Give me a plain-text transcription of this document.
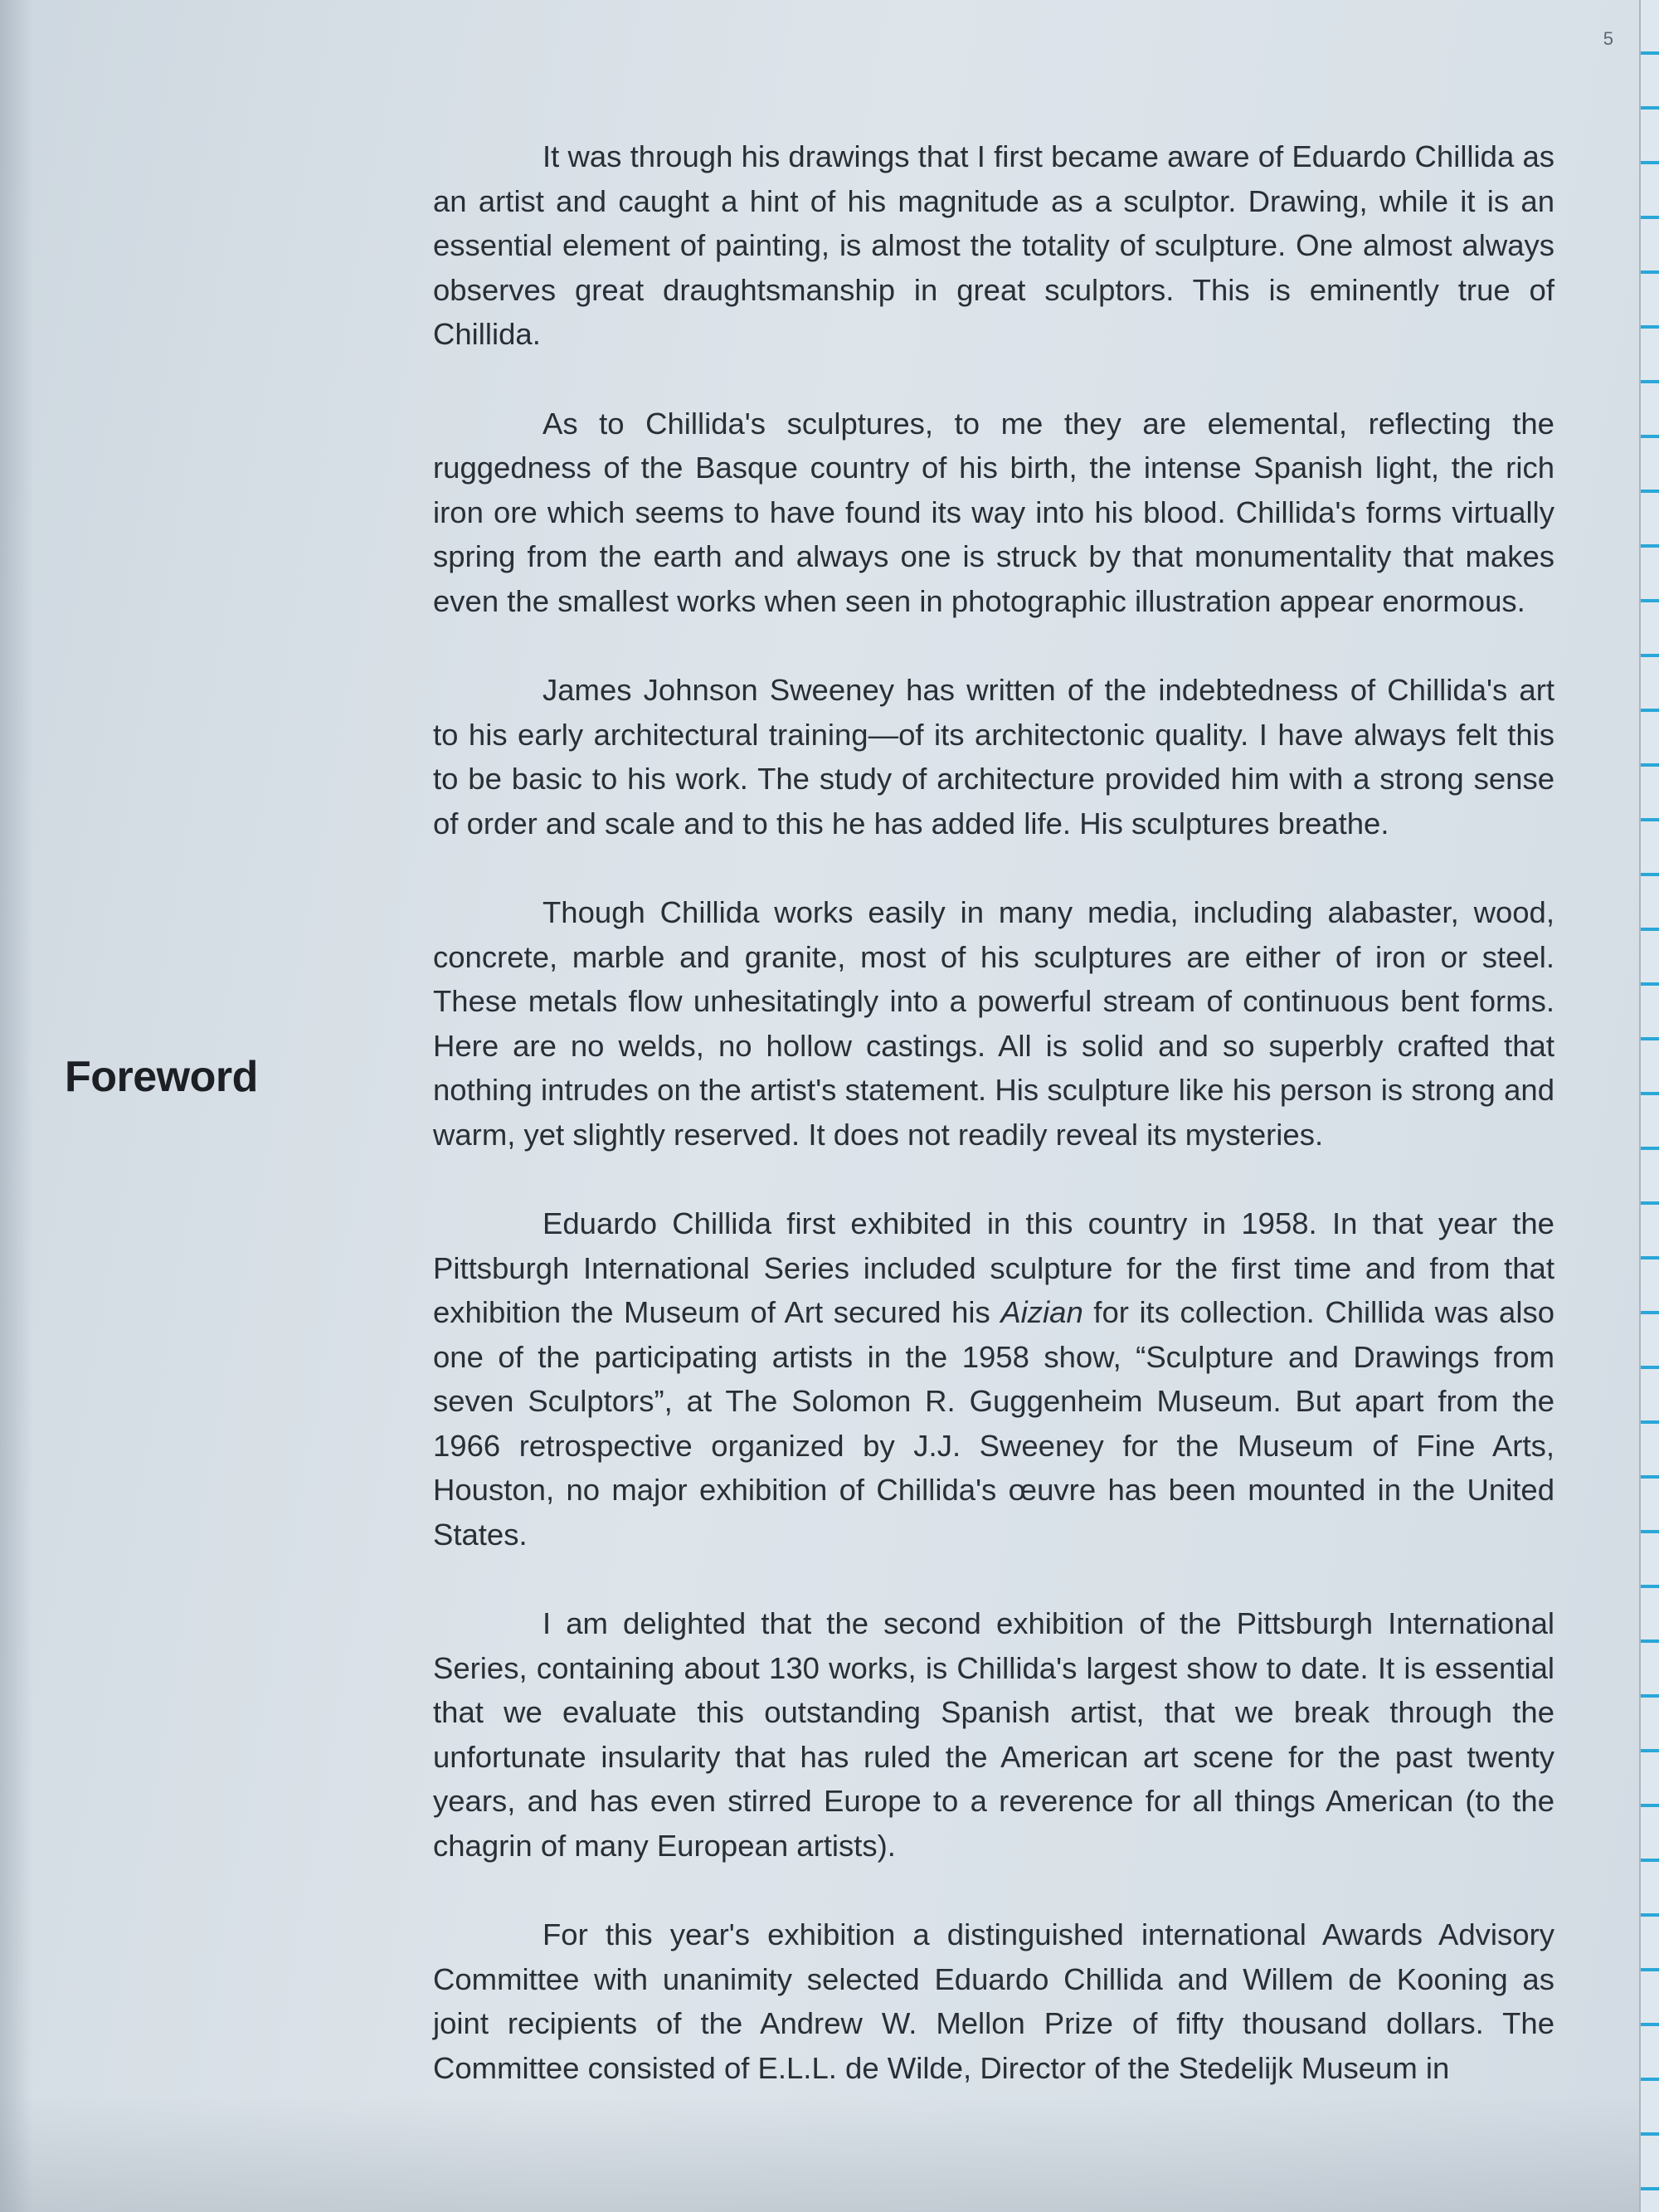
5
Foreword

It was through his drawings that I first became aware of Eduardo Chillida as an artist and caught a hint of his magnitude as a sculptor. Drawing, while it is an essential element of painting, is almost the totality of sculpture. One almost always observes great draughtsmanship in great sculptors. This is eminently true of Chillida.

As to Chillida's sculptures, to me they are elemental, reflecting the ruggedness of the Basque country of his birth, the intense Spanish light, the rich iron ore which seems to have found its way into his blood. Chillida's forms virtually spring from the earth and always one is struck by that monumentality that makes even the smallest works when seen in photographic illustration appear enormous.

James Johnson Sweeney has written of the indebtedness of Chillida's art to his early architectural training—of its architectonic quality. I have always felt this to be basic to his work. The study of architecture provided him with a strong sense of order and scale and to this he has added life. His sculptures breathe.

Though Chillida works easily in many media, including alabaster, wood, concrete, marble and granite, most of his sculptures are either of iron or steel. These metals flow unhesitatingly into a powerful stream of continuous bent forms. Here are no welds, no hollow castings. All is solid and so superbly crafted that nothing intrudes on the artist's statement. His sculpture like his person is strong and warm, yet slightly reserved. It does not readily reveal its mysteries.

Eduardo Chillida first exhibited in this country in 1958. In that year the Pittsburgh International Series included sculpture for the first time and from that exhibition the Museum of Art secured his Aizian for its collection. Chillida was also one of the participating artists in the 1958 show, “Sculpture and Drawings from seven Sculptors”, at The Solomon R. Guggenheim Museum. But apart from the 1966 retrospective organized by J.J. Sweeney for the Museum of Fine Arts, Houston, no major exhibition of Chillida's œuvre has been mounted in the United States.

I am delighted that the second exhibition of the Pittsburgh International Series, containing about 130 works, is Chillida's largest show to date. It is essential that we evaluate this outstanding Spanish artist, that we break through the unfortunate insularity that has ruled the American art scene for the past twenty years, and has even stirred Europe to a reverence for all things American (to the chagrin of many European artists).

For this year's exhibition a distinguished international Awards Advisory Committee with unanimity selected Eduardo Chillida and Willem de Kooning as joint recipients of the Andrew W. Mellon Prize of fifty thousand dollars. The Committee consisted of E.L.L. de Wilde, Director of the Stedelijk Museum in
